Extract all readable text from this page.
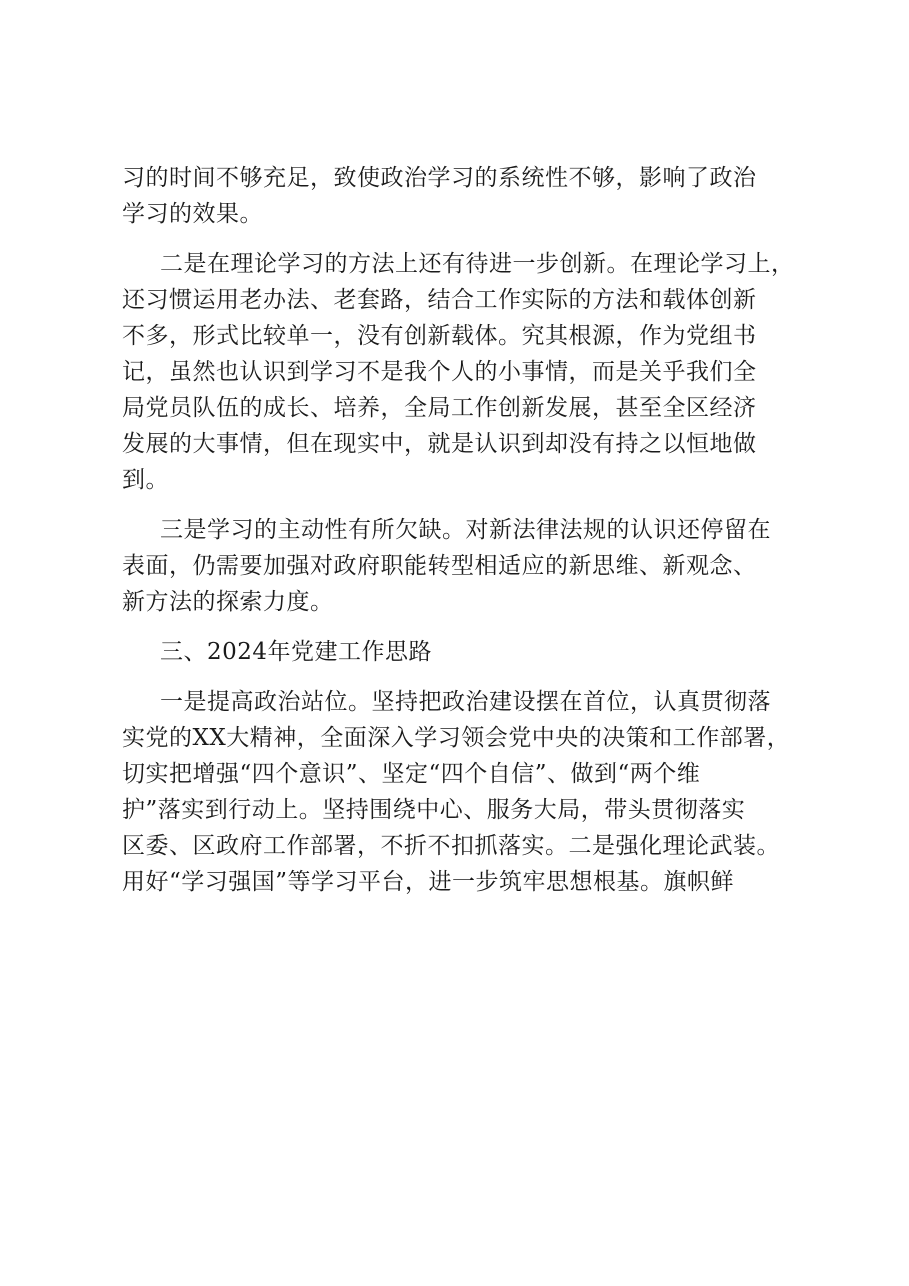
习的时间不够充足，致使政治学习的系统性不够，影响了政治
学习的效果。
二是在理论学习的方法上还有待进一步创新。在理论学习上，
还习惯运用老办法、老套路，结合工作实际的方法和载体创新
不多，形式比较单一，没有创新载体。究其根源，作为党组书
记，虽然也认识到学习不是我个人的小事情，而是关乎我们全
局党员队伍的成长、培养，全局工作创新发展，甚至全区经济
发展的大事情，但在现实中，就是认识到却没有持之以恒地做
到。
三是学习的主动性有所欠缺。对新法律法规的认识还停留在
表面，仍需要加强对政府职能转型相适应的新思维、新观念、
新方法的探索力度。
三、2024年党建工作思路
一是提高政治站位。坚持把政治建设摆在首位，认真贯彻落
实党的XX大精神，全面深入学习领会党中央的决策和工作部署，
切实把增强“四个意识”、坚定“四个自信”、做到“两个维
护”落实到行动上。坚持围绕中心、服务大局，带头贯彻落实
区委、区政府工作部署，不折不扣抓落实。二是强化理论武装。
用好“学习强国”等学习平台，进一步筑牢思想根基。旗帜鲜
